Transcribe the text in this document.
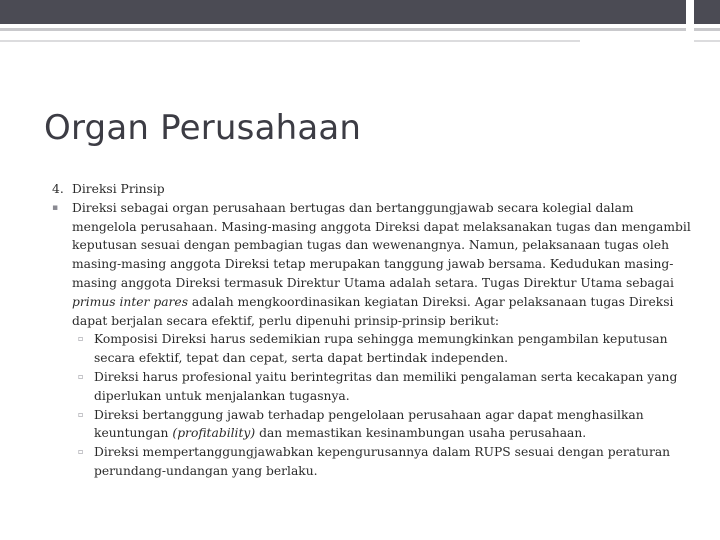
Organ Perusahaan
4. Direksi Prinsip
▪ Direksi sebagai organ perusahaan bertugas dan bertanggungjawab secara kolegial dalam mengelola perusahaan. Masing-masing anggota Direksi dapat melaksanakan tugas dan mengambil keputusan sesuai dengan pembagian tugas dan wewenangnya. Namun, pelaksanaan tugas oleh masing-masing anggota Direksi tetap merupakan tanggung jawab bersama. Kedudukan masing-masing anggota Direksi termasuk Direktur Utama adalah setara. Tugas Direktur Utama sebagai primus inter pares adalah mengkoordinasikan kegiatan Direksi. Agar pelaksanaan tugas Direksi dapat berjalan secara efektif, perlu dipenuhi prinsip-prinsip berikut:
▫ Komposisi Direksi harus sedemikian rupa sehingga memungkinkan pengambilan keputusan secara efektif, tepat dan cepat, serta dapat bertindak independen.
▫ Direksi harus profesional yaitu berintegritas dan memiliki pengalaman serta kecakapan yang diperlukan untuk menjalankan tugasnya.
▫ Direksi bertanggung jawab terhadap pengelolaan perusahaan agar dapat menghasilkan keuntungan (profitability) dan memastikan kesinambungan usaha perusahaan.
▫ Direksi mempertanggungjawabkan kepengurusannya dalam RUPS sesuai dengan peraturan perundang-undangan yang berlaku.
